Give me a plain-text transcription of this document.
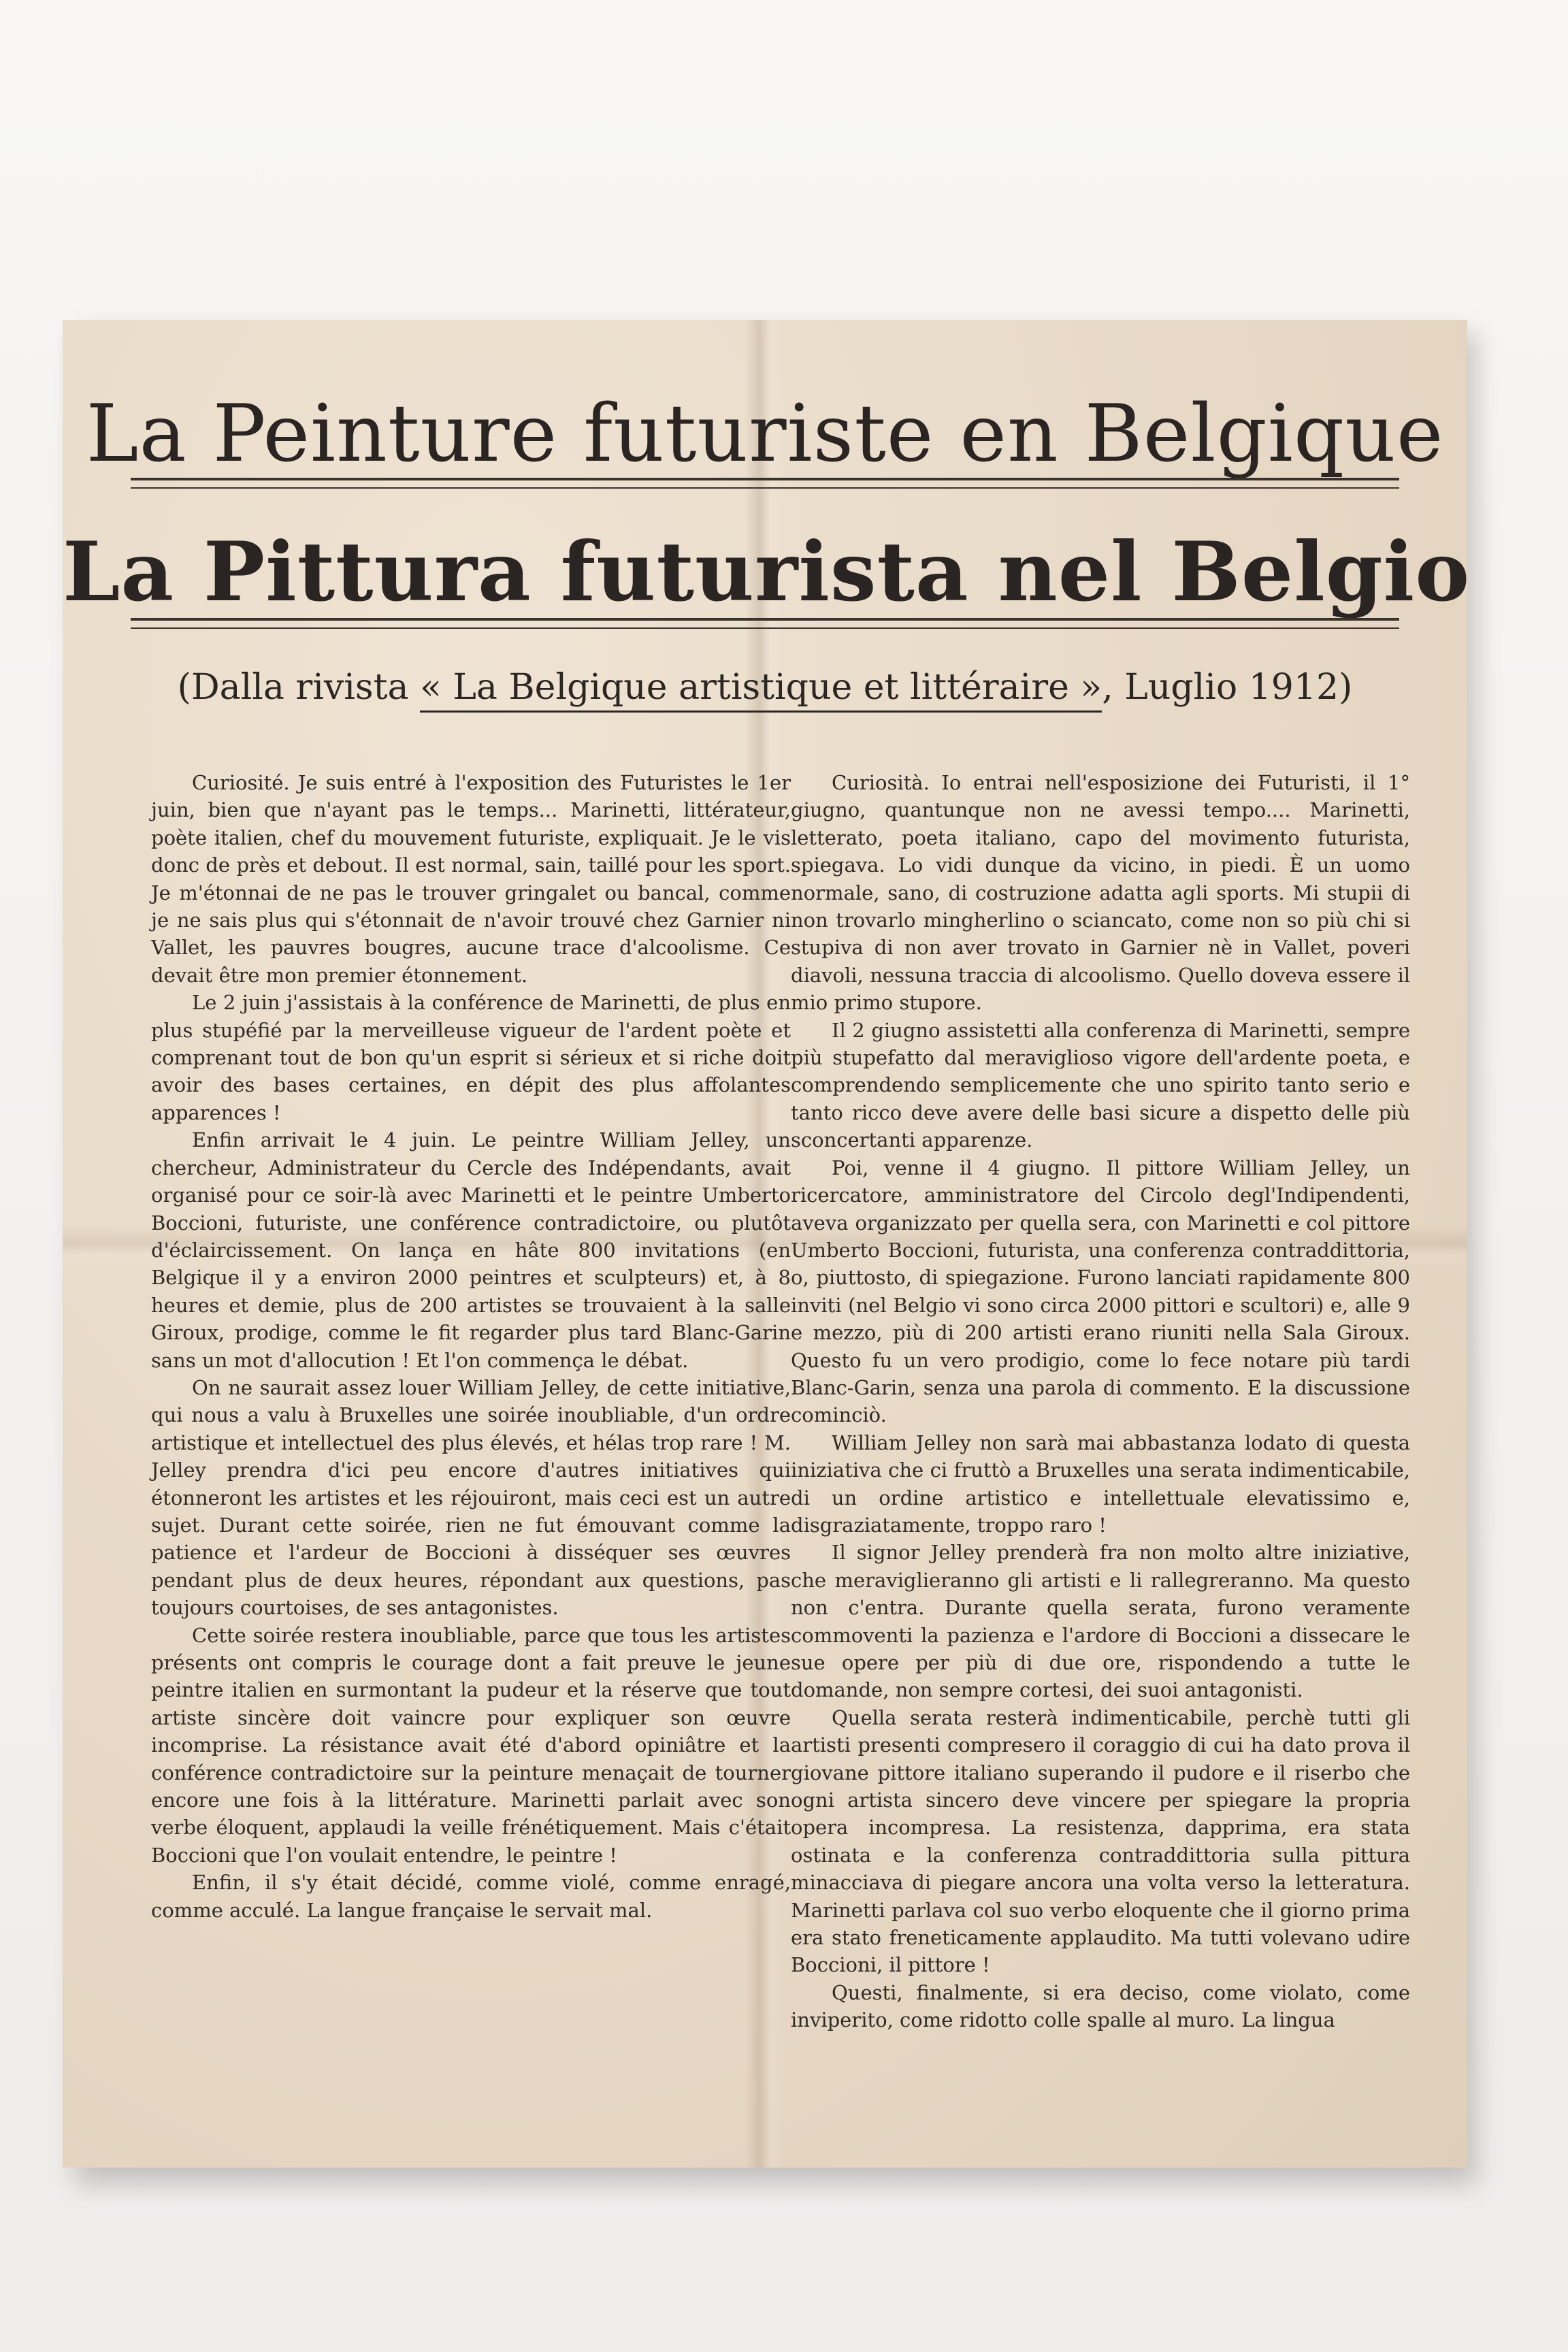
La Peinture futuriste en Belgique
La Pittura futurista nel Belgio
(Dalla rivista « La Belgique artistique et littéraire », Luglio 1912)

Curiosité. Je suis entré à l'exposition des Futuristes le 1er juin, bien que n'ayant pas le temps... Marinetti, littérateur, poète italien, chef du mouvement futuriste, expliquait. Je le vis donc de près et debout. Il est normal, sain, taillé pour les sport. Je m'étonnai de ne pas le trouver gringalet ou bancal, comme je ne sais plus qui s'étonnait de n'avoir trouvé chez Garnier ni Vallet, les pauvres bougres, aucune trace d'alcoolisme. Ce devait être mon premier étonnement.

Le 2 juin j'assistais à la conférence de Marinetti, de plus en plus stupéfié par la merveilleuse vigueur de l'ardent poète et comprenant tout de bon qu'un esprit si sérieux et si riche doit avoir des bases certaines, en dépit des plus affolantes apparences !

Enfin arrivait le 4 juin. Le peintre William Jelley, un chercheur, Administrateur du Cercle des Indépendants, avait organisé pour ce soir-là avec Marinetti et le peintre Umberto Boccioni, futuriste, une conférence contradictoire, ou plutôt d'éclaircissement. On lança en hâte 800 invitations (en Belgique il y a environ 2000 peintres et sculpteurs) et, à 8 heures et demie, plus de 200 artistes se trouvaient à la salle Giroux, prodige, comme le fit regarder plus tard Blanc-Garin sans un mot d'allocution ! Et l'on commença le débat.

On ne saurait assez louer William Jelley, de cette initiative, qui nous a valu à Bruxelles une soirée inoubliable, d'un ordre artistique et intellectuel des plus élevés, et hélas trop rare ! M. Jelley prendra d'ici peu encore d'autres initiatives qui étonneront les artistes et les réjouiront, mais ceci est un autre sujet. Durant cette soirée, rien ne fut émouvant comme la patience et l'ardeur de Boccioni à disséquer ses œuvres pendant plus de deux heures, répondant aux questions, pas toujours courtoises, de ses antagonistes.

Cette soirée restera inoubliable, parce que tous les artistes présents ont compris le courage dont a fait preuve le jeune peintre italien en surmontant la pudeur et la réserve que tout artiste sincère doit vaincre pour expliquer son œuvre incomprise. La résistance avait été d'abord opiniâtre et la conférence contradictoire sur la peinture menaçait de tourner encore une fois à la littérature. Marinetti parlait avec son verbe éloquent, applaudi la veille frénétiquement. Mais c'était Boccioni que l'on voulait entendre, le peintre !

Enfin, il s'y était décidé, comme violé, comme enragé, comme acculé. La langue française le servait mal.

Curiosità. Io entrai nell'esposizione dei Futuristi, il 1° giugno, quantunque non ne avessi tempo.... Marinetti, letterato, poeta italiano, capo del movimento futurista, spiegava. Lo vidi dunque da vicino, in piedi. È un uomo normale, sano, di costruzione adatta agli sports. Mi stupii di non trovarlo mingherlino o sciancato, come non so più chi si stupiva di non aver trovato in Garnier nè in Vallet, poveri diavoli, nessuna traccia di alcoolismo. Quello doveva essere il mio primo stupore.

Il 2 giugno assistetti alla conferenza di Marinetti, sempre più stupefatto dal meraviglioso vigore dell'ardente poeta, e comprendendo semplicemente che uno spirito tanto serio e tanto ricco deve avere delle basi sicure a dispetto delle più sconcertanti apparenze.

Poi, venne il 4 giugno. Il pittore William Jelley, un ricercatore, amministratore del Circolo degl'Indipendenti, aveva organizzato per quella sera, con Marinetti e col pittore Umberto Boccioni, futurista, una conferenza contraddittoria, o, piuttosto, di spiegazione. Furono lanciati rapidamente 800 inviti (nel Belgio vi sono circa 2000 pittori e scultori) e, alle 9 e mezzo, più di 200 artisti erano riuniti nella Sala Giroux. Questo fu un vero prodigio, come lo fece notare più tardi Blanc-Garin, senza una parola di commento. E la discussione cominciò.

William Jelley non sarà mai abbastanza lodato di questa iniziativa che ci fruttò a Bruxelles una serata indimenticabile, di un ordine artistico e intellettuale elevatissimo e, disgraziatamente, troppo raro !

Il signor Jelley prenderà fra non molto altre iniziative, che meraviglieranno gli artisti e li rallegreranno. Ma questo non c'entra. Durante quella serata, furono veramente commoventi la pazienza e l'ardore di Boccioni a dissecare le sue opere per più di due ore, rispondendo a tutte le domande, non sempre cortesi, dei suoi antagonisti.

Quella serata resterà indimenticabile, perchè tutti gli artisti presenti compresero il coraggio di cui ha dato prova il giovane pittore italiano superando il pudore e il riserbo che ogni artista sincero deve vincere per spiegare la propria opera incompresa. La resistenza, dapprima, era stata ostinata e la conferenza contraddittoria sulla pittura minacciava di piegare ancora una volta verso la letteratura. Marinetti parlava col suo verbo eloquente che il giorno prima era stato freneticamente applaudito. Ma tutti volevano udire Boccioni, il pittore !

Questi, finalmente, si era deciso, come violato, come inviperito, come ridotto colle spalle al muro. La lingua
